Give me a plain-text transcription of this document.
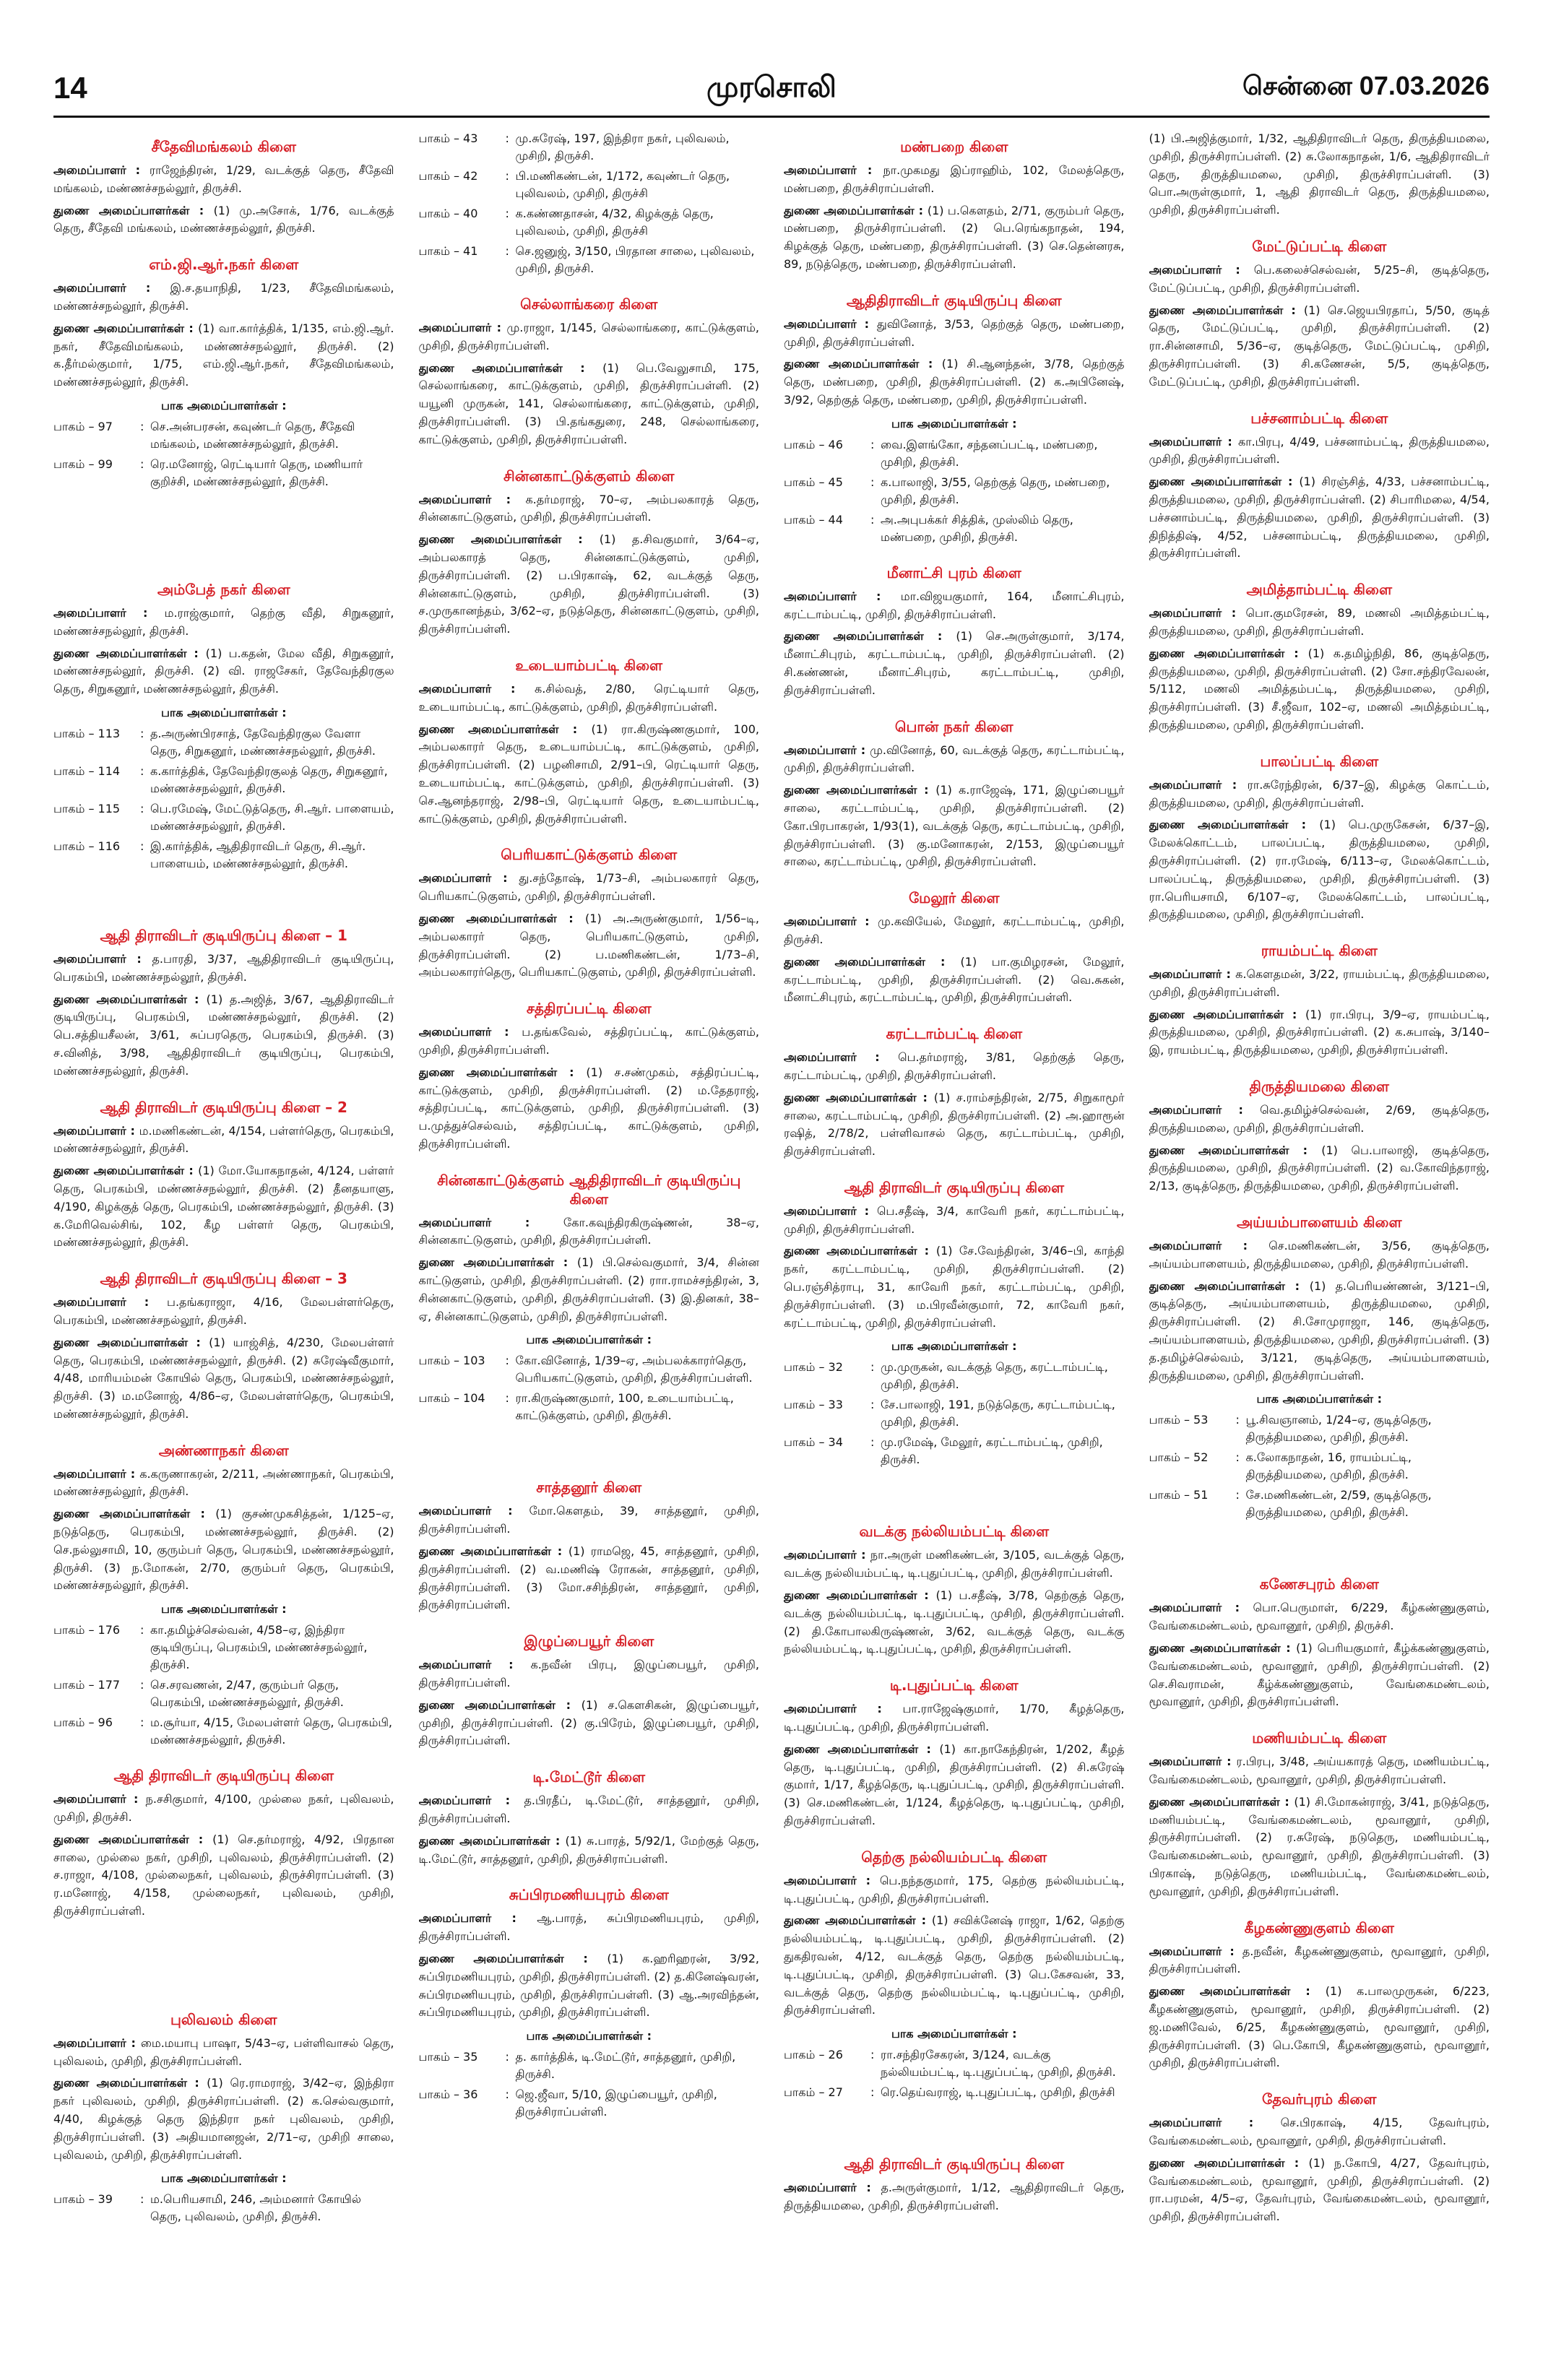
14	முரசொலி	சென்னை 07.03.2026
சீதேவிமங்கலம் கிளை
அமைப்பாளர் : ராஜேந்திரன், 1/29, வடக்குத் தெரு, சீதேவி மங்கலம், மண்ணச்சநல்லூர், திருச்சி.
துணை அமைப்பாளர்கள் : (1) மு.அசோக், 1/76, வடக்குத் தெரு, சீதேவி மங்கலம், மண்ணச்சநல்லூர், திருச்சி.
எம்.ஜி.ஆர்.நகர் கிளை
அமைப்பாளர் : இ.ச.தயாநிதி, 1/23, சீதேவிமங்கலம், மண்ணச்சநல்லூர், திருச்சி.
துணை அமைப்பாளர்கள் : (1) வா.கார்த்திக், 1/135, எம்.ஜி.ஆர். நகர், சீதேவிமங்கலம், மண்ணச்சநல்லூர், திருச்சி. (2) க.தீர்மல்குமார், 1/75, எம்.ஜி.ஆர்.நகர், சீதேவிமங்கலம், மண்ணச்சநல்லூர், திருச்சி.
பாக அமைப்பாளர்கள் :
பாகம் – 97	: செ.அன்பரசன், கவுண்டர் தெரு, சீதேவி மங்கலம், மண்ணச்சநல்லூர், திருச்சி.
பாகம் – 99	: ரெ.மனோஜ், ரெட்டியார் தெரு, மணியார் குறிச்சி, மண்ணச்சநல்லூர், திருச்சி.
அம்பேத் நகர் கிளை
அமைப்பாளர் : ம.ராஜ்குமார், தெற்கு வீதி, சிறுகனூர், மண்ணச்சநல்லூர், திருச்சி.
துணை அமைப்பாளர்கள் : (1) ப.கதன், மேல வீதி, சிறுகனூர், மண்ணச்சநல்லூர், திருச்சி. (2) வி. ராஜசேகர், தேவேந்திரகுல தெரு, சிறுகனூர், மண்ணச்சநல்லூர், திருச்சி.
பாக அமைப்பாளர்கள் :
பாகம் – 113	: த.அருண்பிரசாத், தேவேந்திரகுல வேளா தெரு, சிறுகனூர், மண்ணச்சநல்லூர், திருச்சி.
பாகம் – 114	: க.கார்த்திக், தேவேந்திரகுலத் தெரு, சிறுகனூர், மண்ணச்சநல்லூர், திருச்சி.
பாகம் – 115	: பெ.ரமேஷ், மேட்டுத்தெரு, சி.ஆர். பாளையம், மண்ணச்சநல்லூர், திருச்சி.
பாகம் – 116	: இ.கார்த்திக், ஆதிதிராவிடர் தெரு, சி.ஆர். பாளையம், மண்ணச்சநல்லூர், திருச்சி.
ஆதி திராவிடர் குடியிருப்பு கிளை – 1
அமைப்பாளர் : த.பாரதி, 3/37, ஆதிதிராவிடர் குடியிருப்பு, பெரகம்பி, மண்ணச்சநல்லூர், திருச்சி.
துணை அமைப்பாளர்கள் : (1) த.அஜித், 3/67, ஆதிதிராவிடர் குடியிருப்பு, பெரகம்பி, மண்ணச்சநல்லூர், திருச்சி. (2) பெ.சத்தியசீலன், 3/61, சுப்பரதெரு, பெரகம்பி, திருச்சி. (3) ச.வினித், 3/98, ஆதிதிராவிடர் குடியிருப்பு, பெரகம்பி, மண்ணச்சநல்லூர், திருச்சி.
ஆதி திராவிடர் குடியிருப்பு கிளை – 2
அமைப்பாளர் : ம.மணிகண்டன், 4/154, பள்ளர்தெரு, பெரகம்பி, மண்ணச்சநல்லூர், திருச்சி.
துணை அமைப்பாளர்கள் : (1) மோ.யோகநாதன், 4/124, பள்ளர் தெரு, பெரகம்பி, மண்ணச்சநல்லூர், திருச்சி. (2) தீனதயாளு, 4/190, கிழக்குத் தெரு, பெரகம்பி, மண்ணச்சநல்லூர், திருச்சி. (3) க.மேரிவெல்சிங், 102, கீழ பள்ளர் தெரு, பெரகம்பி, மண்ணச்சநல்லூர், திருச்சி.
ஆதி திராவிடர் குடியிருப்பு கிளை – 3
அமைப்பாளர் : ப.தங்கராஜா, 4/16, மேலபள்ளர்தெரு, பெரகம்பி, மண்ணச்சநல்லூர், திருச்சி.
துணை அமைப்பாளர்கள் : (1) யாஜ்சித், 4/230, மேலபள்ளர் தெரு, பெரகம்பி, மண்ணச்சநல்லூர், திருச்சி. (2) சுரேஷ்வீகுமார், 4/48, மாரியம்மன் கோயில் தெரு, பெரகம்பி, மண்ணச்சநல்லூர், திருச்சி. (3) ம.மனோஜ், 4/86–ஏ, மேலபள்ளர்தெரு, பெரகம்பி, மண்ணச்சநல்லூர், திருச்சி.
அண்ணாநகர் கிளை
அமைப்பாளர் : க.கருணாகரன், 2/211, அண்ணாநகர், பெரகம்பி, மண்ணச்சநல்லூர், திருச்சி.
துணை அமைப்பாளர்கள் : (1) குசண்முகசித்தன், 1/125–ஏ, நடுத்தெரு, பெரகம்பி, மண்ணச்சநல்லூர், திருச்சி. (2) செ.நல்லுசாமி, 10, குரும்பர் தெரு, பெரகம்பி, மண்ணச்சநல்லூர், திருச்சி. (3) ந.மோகன், 2/70, குரும்பர் தெரு, பெரகம்பி, மண்ணச்சநல்லூர், திருச்சி.
பாக அமைப்பாளர்கள் :
பாகம் – 176	: கா.தமிழ்ச்செல்வன், 4/58–ஏ, இந்திரா குடியிருப்பு, பெரகம்பி, மண்ணச்சநல்லூர், திருச்சி.
பாகம் – 177	: செ.சரவணன், 2/47, குரும்பர் தெரு, பெரகம்பி, மண்ணச்சநல்லூர், திருச்சி.
பாகம் – 96	: ம.சூர்யா, 4/15, மேலபள்ளர் தெரு, பெரகம்பி, மண்ணச்சநல்லூர், திருச்சி.
ஆதி திராவிடர் குடியிருப்பு கிளை
அமைப்பாளர் : ந.சசிகுமார், 4/100, முல்லை நகர், புலிவலம், முசிறி, திருச்சி.
துணை அமைப்பாளர்கள் : (1) செ.தர்மராஜ், 4/92, பிரதான சாலை, முல்லை நகர், முசிறி, புலிவலம், திருச்சிராப்பள்ளி. (2) ச.ராஜா, 4/108, முல்லைநகர், புலிவலம், திருச்சிராப்பள்ளி. (3) ர.மனோஜ், 4/158, முல்லைநகர், புலிவலம், முசிறி, திருச்சிராப்பள்ளி.
புலிவலம் கிளை
அமைப்பாளர் : மை.மயாபு பாஷா, 5/43–ஏ, பள்ளிவாசல் தெரு, புலிவலம், முசிறி, திருச்சிராப்பள்ளி.
துணை அமைப்பாளர்கள் : (1) ரெ.ராமராஜ், 3/42–ஏ, இந்திரா நகர் புலிவலம், முசிறி, திருச்சிராப்பள்ளி. (2) க.செல்வகுமார், 4/40, கிழக்குத் தெரு இந்திரா நகர் புலிவலம், முசிறி, திருச்சிராப்பள்ளி. (3) அதியமானஜன், 2/71–ஏ, முசிறி சாலை, புலிவலம், முசிறி, திருச்சிராப்பள்ளி.
பாக அமைப்பாளர்கள் :
பாகம் – 39	: ம.பெரியசாமி, 246, அம்மனார் கோயில் தெரு, புலிவலம், முசிறி, திருச்சி.
பாகம் – 43	: மு.சுரேஷ், 197, இந்திரா நகர், புலிவலம், முசிறி, திருச்சி.
பாகம் – 42	: பி.மணிகண்டன், 1/172, கவுண்டர் தெரு, புலிவலம், முசிறி, திருச்சி
பாகம் – 40	: க.கண்ணதாசன், 4/32, கிழக்குத் தெரு, புலிவலம், முசிறி, திருச்சி
பாகம் – 41	: செ.ஜனுஜ், 3/150, பிரதான சாலை, புலிவலம், முசிறி, திருச்சி.
செல்லாங்கரை கிளை
அமைப்பாளர் : மு.ராஜா, 1/145, செல்லாங்கரை, காட்டுக்குளம், முசிறி, திருச்சிராப்பள்ளி.
துணை அமைப்பாளர்கள் : (1) பெ.வேலுசாமி, 175, செல்லாங்கரை, காட்டுக்குளம், முசிறி, திருச்சிராப்பள்ளி. (2) யயூனி முருகன், 141, செல்லாங்கரை, காட்டுக்குளம், முசிறி, திருச்சிராப்பள்ளி. (3) பி.தங்கதுரை, 248, செல்லாங்கரை, காட்டுக்குளம், முசிறி, திருச்சிராப்பள்ளி.
சின்னகாட்டுக்குளம் கிளை
அமைப்பாளர் : க.தர்மராஜ், 70–ஏ, அம்பலகாரத் தெரு, சின்னகாட்டுகுளம், முசிறி, திருச்சிராப்பள்ளி.
துணை அமைப்பாளர்கள் : (1) த.சிவகுமார், 3/64–ஏ, அம்பலகாரத் தெரு, சின்னகாட்டுக்குளம், முசிறி, திருச்சிராப்பள்ளி. (2) ப.பிரகாஷ், 62, வடக்குத் தெரு, சின்னகாட்டுகுளம், முசிறி, திருச்சிராப்பள்ளி. (3) ச.முருகானந்தம், 3/62–ஏ, நடுத்தெரு, சின்னகாட்டுகுளம், முசிறி, திருச்சிராப்பள்ளி.
உடையாம்பட்டி கிளை
அமைப்பாளர் : க.சில்வத், 2/80, ரெட்டியார் தெரு, உடையாம்பட்டி, காட்டுக்குளம், முசிறி, திருச்சிராப்பள்ளி.
துணை அமைப்பாளர்கள் : (1) ரா.கிருஷ்ணகுமார், 100, அம்பலகாரர் தெரு, உடையாம்பட்டி, காட்டுக்குளம், முசிறி, திருச்சிராப்பள்ளி. (2) பழனிசாமி, 2/91–பி, ரெட்டியார் தெரு, உடையாம்பட்டி, காட்டுக்குளம், முசிறி, திருச்சிராப்பள்ளி. (3) செ.ஆனந்தராஜ், 2/98–பி, ரெட்டியார் தெரு, உடையாம்பட்டி, காட்டுக்குளம், முசிறி, திருச்சிராப்பள்ளி.
பெரியகாட்டுக்குளம் கிளை
அமைப்பாளர் : து.சந்தோஷ், 1/73–சி, அம்பலகாரர் தெரு, பெரியகாட்டுகுளம், முசிறி, திருச்சிராப்பள்ளி.
துணை அமைப்பாளர்கள் : (1) அ.அருண்குமார், 1/56–டி, அம்பலகாரர் தெரு, பெரியகாட்டுகுளம், முசிறி, திருச்சிராப்பள்ளி. (2) ப.மணிகண்டன், 1/73–சி, அம்பலகாரர்தெரு, பெரியகாட்டுகுளம், முசிறி, திருச்சிராப்பள்ளி.
சத்திரப்பட்டி கிளை
அமைப்பாளர் : ப.தங்கவேல், சத்திரப்பட்டி, காட்டுக்குளம், முசிறி, திருச்சிராப்பள்ளி.
துணை அமைப்பாளர்கள் : (1) ச.சண்முகம், சத்திரப்பட்டி, காட்டுக்குளம், முசிறி, திருச்சிராப்பள்ளி. (2) ம.தேதராஜ், சத்திரப்பட்டி, காட்டுக்குளம், முசிறி, திருச்சிராப்பள்ளி. (3) ப.முத்துச்செல்வம், சத்திரப்பட்டி, காட்டுக்குளம், முசிறி, திருச்சிராப்பள்ளி.
சின்னகாட்டுக்குளம் ஆதிதிராவிடர் குடியிருப்பு கிளை
அமைப்பாளர் : கோ.கவுந்திரகிருஷ்ணன், 38–ஏ, சின்னகாட்டுகுளம், முசிறி, திருச்சிராப்பள்ளி.
துணை அமைப்பாளர்கள் : (1) பி.செல்வகுமார், 3/4, சின்ன காட்டுகுளம், முசிறி, திருச்சிராப்பள்ளி. (2) ராா.ராமச்சந்திரன், 3, சின்னகாட்டுகுளம், முசிறி, திருச்சிராப்பள்ளி. (3) இ.தினகர், 38–ஏ, சின்னகாட்டுகுளம், முசிறி, திருச்சிராப்பள்ளி.
பாக அமைப்பாளர்கள் :
பாகம் – 103	: கோ.வினோத், 1/39–ஏ, அம்பலக்காரர்தெரு, பெரியகாட்டுகுளம், முசிறி, திருச்சிராப்பள்ளி.
பாகம் – 104	: ரா.கிருஷ்ணகுமார், 100, உடையாம்பட்டி, காட்டுக்குளம், முசிறி, திருச்சி.
சாத்தனூர் கிளை
அமைப்பாளர் : மோ.கௌதம், 39, சாத்தனூர், முசிறி, திருச்சிராப்பள்ளி.
துணை அமைப்பாளர்கள் : (1) ராமஜெ, 45, சாத்தனூர், முசிறி, திருச்சிராப்பள்ளி. (2) வ.மணிஷ் ரோகன், சாத்தனூர், முசிறி, திருச்சிராப்பள்ளி. (3) மோ.சசிந்திரன், சாத்தனூர், முசிறி, திருச்சிராப்பள்ளி.
இழுப்பையூர் கிளை
அமைப்பாளர் : க.நவீன் பிரபு, இழுப்பையூர், முசிறி, திருச்சிராப்பள்ளி.
துணை அமைப்பாளர்கள் : (1) ச.கௌசிகன், இழுப்பையூர், முசிறி, திருச்சிராப்பள்ளி. (2) கு.பிரேம், இழுப்பையூர், முசிறி, திருச்சிராப்பள்ளி.
டி.மேட்டூர் கிளை
அமைப்பாளர் : த.பிரதீப், டி.மேட்டூர், சாத்தனூர், முசிறி, திருச்சிராப்பள்ளி.
துணை அமைப்பாளர்கள் : (1) சு.பாரத், 5/92/1, மேற்குத் தெரு, டி.மேட்டூர், சாத்தனூர், முசிறி, திருச்சிராப்பள்ளி.
சுப்பிரமணியபுரம் கிளை
அமைப்பாளர் : ஆ.பாரத், சுப்பிரமணியபுரம், முசிறி, திருச்சிராப்பள்ளி.
துணை அமைப்பாளர்கள் : (1) க.ஹரிஹரன், 3/92, சுப்பிரமணியபுரம், முசிறி, திருச்சிராப்பள்ளி. (2) த.கினேஷ்வரன், சுப்பிரமணியபுரம், முசிறி, திருச்சிராப்பள்ளி. (3) ஆ.அரவிந்தன், சுப்பிரமணியபுரம், முசிறி, திருச்சிராப்பள்ளி.
பாக அமைப்பாளர்கள் :
பாகம் – 35	: த. கார்த்திக், டி.மேட்டூர், சாத்தனூர், முசிறி, திருச்சி.
பாகம் – 36	: ஜெ.ஜீவா, 5/10, இழுப்பையூர், முசிறி, திருச்சிராப்பள்ளி.
மண்பறை கிளை
அமைப்பாளர் : நா.முகமது இப்ராஹிம், 102, மேலத்தெரு, மண்பறை, திருச்சிராப்பள்ளி.
துணை அமைப்பாளர்கள் : (1) ப.கௌதம், 2/71, குரும்பர் தெரு, மண்பறை, திருச்சிராப்பள்ளி. (2) பெ.ரெங்கநாதன், 194, கிழக்குத் தெரு, மண்பறை, திருச்சிராப்பள்ளி. (3) செ.தென்னரசு, 89, நடுத்தெரு, மண்பறை, திருச்சிராப்பள்ளி.
ஆதிதிராவிடர் குடியிருப்பு கிளை
அமைப்பாளர் : துவினோத், 3/53, தெற்குத் தெரு, மண்பறை, முசிறி, திருச்சிராப்பள்ளி.
துணை அமைப்பாளர்கள் : (1) சி.ஆனந்தன், 3/78, தெற்குத் தெரு, மண்பறை, முசிறி, திருச்சிராப்பள்ளி. (2) க.அபினேஷ், 3/92, தெற்குத் தெரு, மண்பறை, முசிறி, திருச்சிராப்பள்ளி.
பாக அமைப்பாளர்கள் :
பாகம் – 46	: வை.இளங்கோ, சந்தனப்பட்டி, மண்பறை, முசிறி, திருச்சி.
பாகம் – 45	: க.பாலாஜி, 3/55, தெற்குத் தெரு, மண்பறை, முசிறி, திருச்சி.
பாகம் – 44	: அ.அபுபக்கர் சித்திக், முஸ்லிம் தெரு, மண்பறை, முசிறி, திருச்சி.
மீனாட்சி புரம் கிளை
அமைப்பாளர் : மா.விஜயகுமார், 164, மீனாட்சிபுரம், கரட்டாம்பட்டி, முசிறி, திருச்சிராப்பள்ளி.
துணை அமைப்பாளர்கள் : (1) செ.அருள்குமார், 3/174, மீனாட்சிபுரம், கரட்டாம்பட்டி, முசிறி, திருச்சிராப்பள்ளி. (2) சி.கண்ணன், மீனாட்சிபுரம், கரட்டாம்பட்டி, முசிறி, திருச்சிராப்பள்ளி.
பொன் நகர் கிளை
அமைப்பாளர் : மு.வினோத், 60, வடக்குத் தெரு, கரட்டாம்பட்டி, முசிறி, திருச்சிராப்பள்ளி.
துணை அமைப்பாளர்கள் : (1) க.ராஜேஷ், 171, இழுப்பையூர் சாலை, கரட்டாம்பட்டி, முசிறி, திருச்சிராப்பள்ளி. (2) கோ.பிரபாகரன், 1/93(1), வடக்குத் தெரு, கரட்டாம்பட்டி, முசிறி, திருச்சிராப்பள்ளி. (3) கு.மனோகரன், 2/153, இழுப்பையூர் சாலை, கரட்டாம்பட்டி, முசிறி, திருச்சிராப்பள்ளி.
மேலூர் கிளை
அமைப்பாளர் : மு.கவியேல், மேலூர், கரட்டாம்பட்டி, முசிறி, திருச்சி.
துணை அமைப்பாளர்கள் : (1) பா.குமிழரசன், மேலூர், கரட்டாம்பட்டி, முசிறி, திருச்சிராப்பள்ளி. (2) வெ.சுகன், மீனாட்சிபுரம், கரட்டாம்பட்டி, முசிறி, திருச்சிராப்பள்ளி.
கரட்டாம்பட்டி கிளை
அமைப்பாளர் : பெ.தர்மராஜ், 3/81, தெற்குத் தெரு, கரட்டாம்பட்டி, முசிறி, திருச்சிராப்பள்ளி.
துணை அமைப்பாளர்கள் : (1) ச.ராம்சந்திரன், 2/75, சிறுகாமூர் சாலை, கரட்டாம்பட்டி, முசிறி, திருச்சிராப்பள்ளி. (2) அ.ஹாரூன் ரஷித், 2/78/2, பள்ளிவாசல் தெரு, கரட்டாம்பட்டி, முசிறி, திருச்சிராப்பள்ளி.
ஆதி திராவிடர் குடியிருப்பு கிளை
அமைப்பாளர் : பெ.சதீஷ், 3/4, காவேரி நகர், கரட்டாம்பட்டி, முசிறி, திருச்சிராப்பள்ளி.
துணை அமைப்பாளர்கள் : (1) சே.வேந்திரன், 3/46–பி, காந்தி நகர், கரட்டாம்பட்டி, முசிறி, திருச்சிராப்பள்ளி. (2) பெ.ரஞ்சித்ராபு, 31, காவேரி நகர், கரட்டாம்பட்டி, முசிறி, திருச்சிராப்பள்ளி. (3) ம.பிரவீன்குமார், 72, காவேரி நகர், கரட்டாம்பட்டி, முசிறி, திருச்சிராப்பள்ளி.
பாக அமைப்பாளர்கள் :
பாகம் – 32	: மு.முருகன், வடக்குத் தெரு, கரட்டாம்பட்டி, முசிறி, திருச்சி.
பாகம் – 33	: சே.பாலாஜி, 191, நடுத்தெரு, கரட்டாம்பட்டி, முசிறி, திருச்சி.
பாகம் – 34	: மு.ரமேஷ், மேலூர், கரட்டாம்பட்டி, முசிறி, திருச்சி.
வடக்கு நல்லியம்பட்டி கிளை
அமைப்பாளர் : நா.அருள் மணிகண்டன், 3/105, வடக்குத் தெரு, வடக்கு நல்லியம்பட்டி, டி.புதுப்பட்டி, முசிறி, திருச்சிராப்பள்ளி.
துணை அமைப்பாளர்கள் : (1) ப.சதீஷ், 3/78, தெற்குத் தெரு, வடக்கு நல்லியம்பட்டி, டி.புதுப்பட்டி, முசிறி, திருச்சிராப்பள்ளி. (2) தி.கோபாலகிருஷ்ணன், 3/62, வடக்குத் தெரு, வடக்கு நல்லியம்பட்டி, டி.புதுப்பட்டி, முசிறி, திருச்சிராப்பள்ளி.
டி.புதுப்பட்டி கிளை
அமைப்பாளர் : பா.ராஜேஷ்குமார், 1/70, கீழத்தெரு, டி.புதுப்பட்டி, முசிறி, திருச்சிராப்பள்ளி.
துணை அமைப்பாளர்கள் : (1) கா.நாகேந்திரன், 1/202, கீழத் தெரு, டி.புதுப்பட்டி, முசிறி, திருச்சிராப்பள்ளி. (2) சி.சுரேஷ் குமார், 1/17, கீழத்தெரு, டி.புதுப்பட்டி, முசிறி, திருச்சிராப்பள்ளி. (3) செ.மணிகண்டன், 1/124, கீழத்தெரு, டி.புதுப்பட்டி, முசிறி, திருச்சிராப்பள்ளி.
தெற்கு நல்லியம்பட்டி கிளை
அமைப்பாளர் : பெ.நந்தகுமார், 175, தெற்கு நல்லியம்பட்டி, டி.புதுப்பட்டி, முசிறி, திருச்சிராப்பள்ளி.
துணை அமைப்பாளர்கள் : (1) சவிக்னேஷ் ராஜா, 1/62, தெற்கு நல்லியம்பட்டி, டி.புதுப்பட்டி, முசிறி, திருச்சிராப்பள்ளி. (2) துகதிரவன், 4/12, வடக்குத் தெரு, தெற்கு நல்லியம்பட்டி, டி.புதுப்பட்டி, முசிறி, திருச்சிராப்பள்ளி. (3) பெ.கேசவன், 33, வடக்குத் தெரு, தெற்கு நல்லியம்பட்டி, டி.புதுப்பட்டி, முசிறி, திருச்சிராப்பள்ளி.
பாக அமைப்பாளர்கள் :
பாகம் – 26	: ரா.சந்திரசேகரன், 3/124, வடக்கு நல்லியம்பட்டி, டி.புதுப்பட்டி, முசிறி, திருச்சி.
பாகம் – 27	: ரெ.தெய்வராஜ், டி.புதுப்பட்டி, முசிறி, திருச்சி
ஆதி திராவிடர் குடியிருப்பு கிளை
அமைப்பாளர் : த.அருள்குமார், 1/12, ஆதிதிராவிடர் தெரு, திருத்தியமலை, முசிறி, திருச்சிராப்பள்ளி.
(1) பி.அஜித்குமார், 1/32, ஆதிதிராவிடர் தெரு, திருத்தியமலை, முசிறி, திருச்சிராப்பள்ளி. (2) சு.லோகநாதன், 1/6, ஆதிதிராவிடர் தெரு, திருத்தியமலை, முசிறி, திருச்சிராப்பள்ளி. (3) பொ.அருள்குமார், 1, ஆதி திராவிடர் தெரு, திருத்தியமலை, முசிறி, திருச்சிராப்பள்ளி.
மேட்டுப்பட்டி கிளை
அமைப்பாளர் : பெ.கலைச்செல்வன், 5/25–சி, குடித்தெரு, மேட்டுப்பட்டி, முசிறி, திருச்சிராப்பள்ளி.
துணை அமைப்பாளர்கள் : (1) செ.ஜெயபிரதாப், 5/50, குடித் தெரு, மேட்டுப்பட்டி, முசிறி, திருச்சிராப்பள்ளி. (2) ரா.சின்னசாமி, 5/36–ஏ, குடித்தெரு, மேட்டுப்பட்டி, முசிறி, திருச்சிராப்பள்ளி. (3) சி.கணேசன், 5/5, குடித்தெரு, மேட்டுப்பட்டி, முசிறி, திருச்சிராப்பள்ளி.
பச்சனாம்பட்டி கிளை
அமைப்பாளர் : கா.பிரபு, 4/49, பச்சனாம்பட்டி, திருத்தியமலை, முசிறி, திருச்சிராப்பள்ளி.
துணை அமைப்பாளர்கள் : (1) சிரஞ்சித், 4/33, பச்சனாம்பட்டி, திருத்தியமலை, முசிறி, திருச்சிராப்பள்ளி. (2) சிபாரிமலை, 4/54, பச்சனாம்பட்டி, திருத்தியமலை, முசிறி, திருச்சிராப்பள்ளி. (3) திநித்திஷ், 4/52, பச்சனாம்பட்டி, திருத்தியமலை, முசிறி, திருச்சிராப்பள்ளி.
அமித்தாம்பட்டி கிளை
அமைப்பாளர் : பொ.குமரேசன், 89, மணலி அமித்தம்பட்டி, திருத்தியமலை, முசிறி, திருச்சிராப்பள்ளி.
துணை அமைப்பாளர்கள் : (1) க.தமிழ்நிதி, 86, குடித்தெரு, திருத்தியமலை, முசிறி, திருச்சிராப்பள்ளி. (2) சோ.சந்திரவேலன், 5/112, மணலி அமித்தம்பட்டி, திருத்தியமலை, முசிறி, திருச்சிராப்பள்ளி. (3) சீ.ஜீவா, 102–ஏ, மணலி அமித்தம்பட்டி, திருத்தியமலை, முசிறி, திருச்சிராப்பள்ளி.
பாலப்பட்டி கிளை
அமைப்பாளர் : ரா.சுரேந்திரன், 6/37–இ, கிழக்கு கொட்டம், திருத்தியமலை, முசிறி, திருச்சிராப்பள்ளி.
துணை அமைப்பாளர்கள் : (1) பெ.முருகேசன், 6/37–இ, மேலக்கொட்டம், பாலப்பட்டி, திருத்தியமலை, முசிறி, திருச்சிராப்பள்ளி. (2) ரா.ரமேஷ், 6/113–ஏ, மேலக்கொட்டம், பாலப்பட்டி, திருத்தியமலை, முசிறி, திருச்சிராப்பள்ளி. (3) ரா.பெரியசாமி, 6/107–ஏ, மேலக்கொட்டம், பாலப்பட்டி, திருத்தியமலை, முசிறி, திருச்சிராப்பள்ளி.
ராயம்பட்டி கிளை
அமைப்பாளர் : க.கௌதமன், 3/22, ராயம்பட்டி, திருத்தியமலை, முசிறி, திருச்சிராப்பள்ளி.
துணை அமைப்பாளர்கள் : (1) ரா.பிரபு, 3/9–ஏ, ராயம்பட்டி, திருத்தியமலை, முசிறி, திருச்சிராப்பள்ளி. (2) க.சுபாஷ், 3/140–இ, ராயம்பட்டி, திருத்தியமலை, முசிறி, திருச்சிராப்பள்ளி.
திருத்தியமலை கிளை
அமைப்பாளர் : வெ.தமிழ்ச்செல்வன், 2/69, குடித்தெரு, திருத்தியமலை, முசிறி, திருச்சிராப்பள்ளி.
துணை அமைப்பாளர்கள் : (1) பெ.பாலாஜி, குடித்தெரு, திருத்தியமலை, முசிறி, திருச்சிராப்பள்ளி. (2) வ.கோவிந்தராஜ், 2/13, குடித்தெரு, திருத்தியமலை, முசிறி, திருச்சிராப்பள்ளி.
அய்யம்பாளையம் கிளை
அமைப்பாளர் : செ.மணிகண்டன், 3/56, குடித்தெரு, அய்யம்பாளையம், திருத்தியமலை, முசிறி, திருச்சிராப்பள்ளி.
துணை அமைப்பாளர்கள் : (1) த.பெரியண்ணன், 3/121–பி, குடித்தெரு, அய்யம்பாளையம், திருத்தியமலை, முசிறி, திருச்சிராப்பள்ளி. (2) சி.சோமுராஜா, 146, குடித்தெரு, அய்யம்பாளையம், திருத்தியமலை, முசிறி, திருச்சிராப்பள்ளி. (3) த.தமிழ்ச்செல்வம், 3/121, குடித்தெரு, அய்யம்பாளையம், திருத்தியமலை, முசிறி, திருச்சிராப்பள்ளி.
பாக அமைப்பாளர்கள் :
பாகம் – 53	: பூ.சிவஞானம், 1/24–ஏ, குடித்தெரு, திருத்தியமலை, முசிறி, திருச்சி.
பாகம் – 52	: க.லோகநாதன், 16, ராயம்பட்டி, திருத்தியமலை, முசிறி, திருச்சி.
பாகம் – 51	: சே.மணிகண்டன், 2/59, குடித்தெரு, திருத்தியமலை, முசிறி, திருச்சி.
கணேசபுரம் கிளை
அமைப்பாளர் : பொ.பெருமாள், 6/229, கீழ்கண்ணுகுளம், வேங்கைமண்டலம், மூவானூர், முசிறி, திருச்சி.
துணை அமைப்பாளர்கள் : (1) பெரியகுமார், கீழ்க்கண்ணுகுளம், வேங்கைமண்டலம், மூவானூர், முசிறி, திருச்சிராப்பள்ளி. (2) செ.சிவராமன், கீழ்க்கண்ணுகுளம், வேங்கைமண்டலம், மூவானூர், முசிறி, திருச்சிராப்பள்ளி.
மணியம்பட்டி கிளை
அமைப்பாளர் : ர.பிரபு, 3/48, அய்யகாரத் தெரு, மணியம்பட்டி, வேங்கைமண்டலம், மூவானூர், முசிறி, திருச்சிராப்பள்ளி.
துணை அமைப்பாளர்கள் : (1) சி.மோகன்ராஜ், 3/41, நடுத்தெரு, மணியம்பட்டி, வேங்கைமண்டலம், மூவானூர், முசிறி, திருச்சிராப்பள்ளி. (2) ர.சுரேஷ், நடுதெரு, மணியம்பட்டி, வேங்கைமண்டலம், மூவானூர், முசிறி, திருச்சிராப்பள்ளி. (3) பிரகாஷ், நடுத்தெரு, மணியம்பட்டி, வேங்கைமண்டலம், மூவானூர், முசிறி, திருச்சிராப்பள்ளி.
கீழகண்ணுகுளம் கிளை
அமைப்பாளர் : த.நவீன், கீழகண்ணுகுளம், மூவானூர், முசிறி, திருச்சிராப்பள்ளி.
துணை அமைப்பாளர்கள் : (1) க.பாலமுருகன், 6/223, கீழகண்ணுகுளம், மூவானூர், முசிறி, திருச்சிராப்பள்ளி. (2) ஜ.மணிவேல், 6/25, கீழகண்ணுகுளம், மூவானூர், முசிறி, திருச்சிராப்பள்ளி. (3) பெ.கோபி, கீழகண்ணுகுளம், மூவானூர், முசிறி, திருச்சிராப்பள்ளி.
தேவர்புரம் கிளை
அமைப்பாளர் : செ.பிரகாஷ், 4/15, தேவர்புரம், வேங்கைமண்டலம், மூவானூர், முசிறி, திருச்சிராப்பள்ளி.
துணை அமைப்பாளர்கள் : (1) ந.கோபி, 4/27, தேவர்புரம், வேங்கைமண்டலம், மூவானூர், முசிறி, திருச்சிராப்பள்ளி. (2) ரா.பரமன், 4/5–ஏ, தேவர்புரம், வேங்கைமண்டலம், மூவானூர், முசிறி, திருச்சிராப்பள்ளி.
